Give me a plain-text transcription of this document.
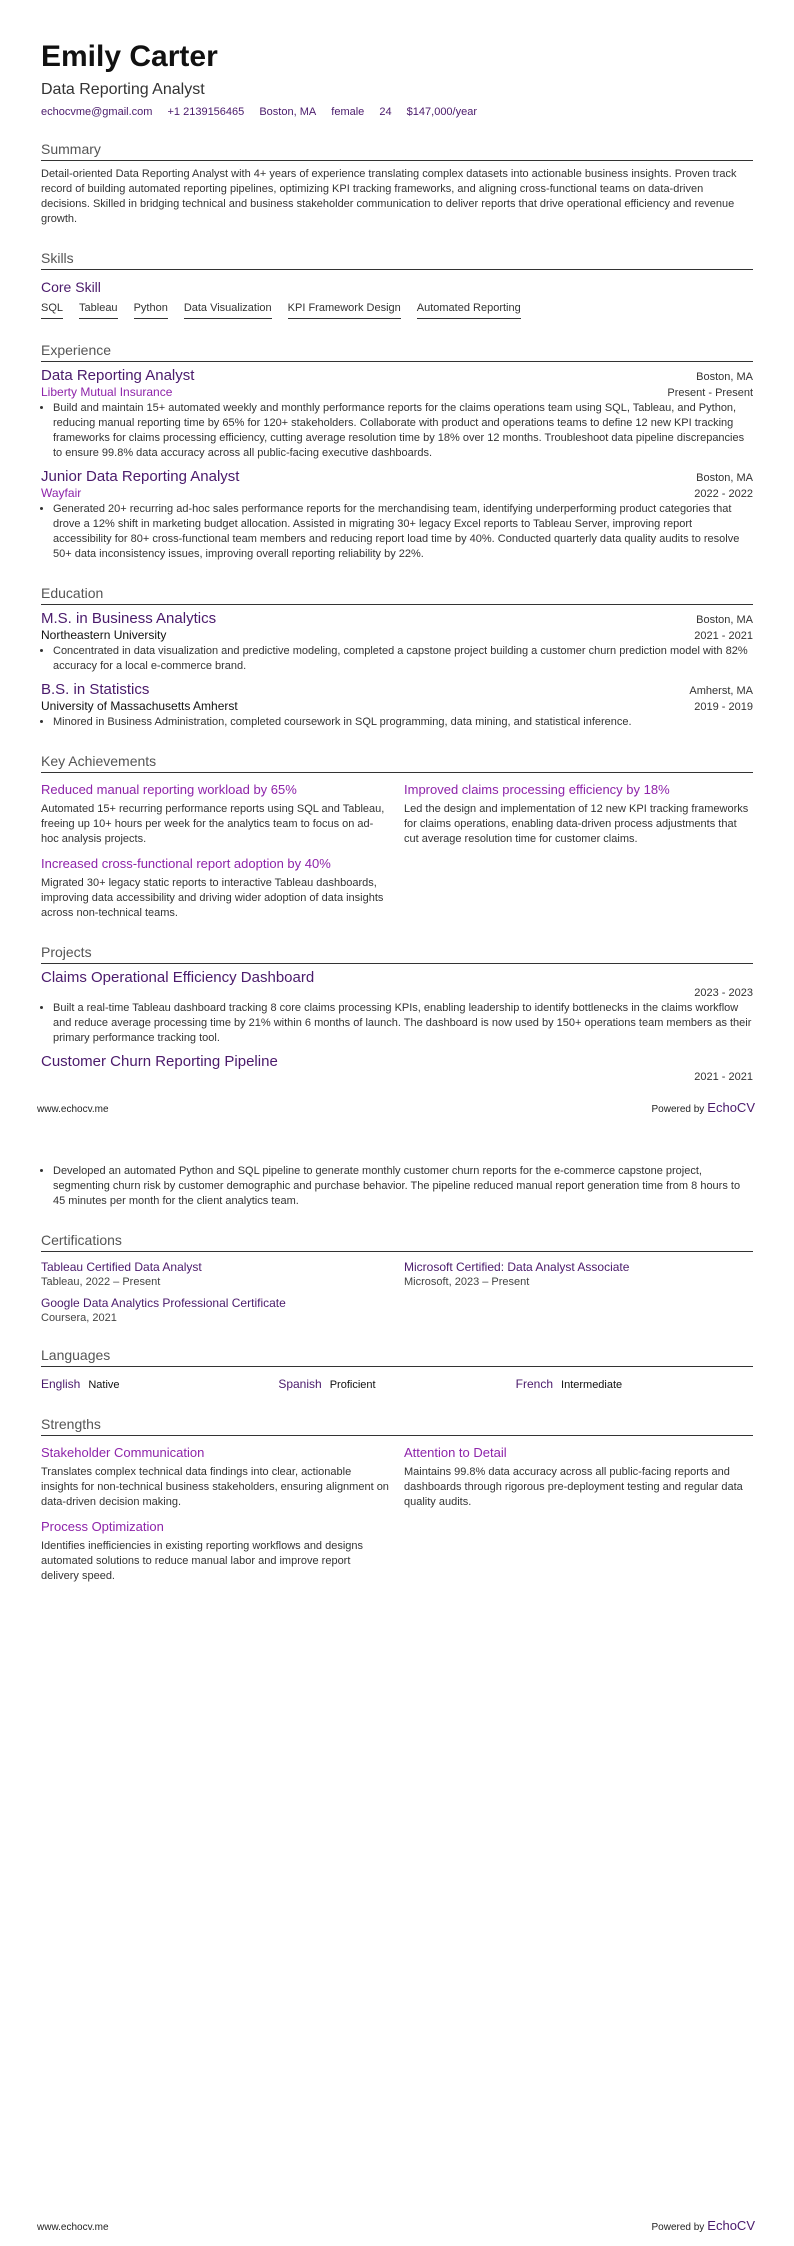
Emily Carter
Data Reporting Analyst
echocvme@gmail.com +1 2139156465 Boston, MA female 24 $147,000/year
Summary
Detail-oriented Data Reporting Analyst with 4+ years of experience translating complex datasets into actionable business insights. Proven track record of building automated reporting pipelines, optimizing KPI tracking frameworks, and aligning cross-functional teams on data-driven decisions. Skilled in bridging technical and business stakeholder communication to deliver reports that drive operational efficiency and revenue growth.
Skills
Core Skill
SQL Tableau Python Data Visualization KPI Framework Design Automated Reporting
Experience
Data Reporting Analyst	Boston, MA
Liberty Mutual Insurance	Present - Present
• Build and maintain 15+ automated weekly and monthly performance reports for the claims operations team using SQL, Tableau, and Python, reducing manual reporting time by 65% for 120+ stakeholders. Collaborate with product and operations teams to define 12 new KPI tracking frameworks for claims processing efficiency, cutting average resolution time by 18% over 12 months. Troubleshoot data pipeline discrepancies to ensure 99.8% data accuracy across all public-facing executive dashboards.
Junior Data Reporting Analyst	Boston, MA
Wayfair	2022 - 2022
• Generated 20+ recurring ad-hoc sales performance reports for the merchandising team, identifying underperforming product categories that drove a 12% shift in marketing budget allocation. Assisted in migrating 30+ legacy Excel reports to Tableau Server, improving report accessibility for 80+ cross-functional team members and reducing report load time by 40%. Conducted quarterly data quality audits to resolve 50+ data inconsistency issues, improving overall reporting reliability by 22%.
Education
M.S. in Business Analytics	Boston, MA
Northeastern University	2021 - 2021
• Concentrated in data visualization and predictive modeling, completed a capstone project building a customer churn prediction model with 82% accuracy for a local e-commerce brand.
B.S. in Statistics	Amherst, MA
University of Massachusetts Amherst	2019 - 2019
• Minored in Business Administration, completed coursework in SQL programming, data mining, and statistical inference.
Key Achievements
Reduced manual reporting workload by 65%
Automated 15+ recurring performance reports using SQL and Tableau, freeing up 10+ hours per week for the analytics team to focus on ad-hoc analysis projects.
Improved claims processing efficiency by 18%
Led the design and implementation of 12 new KPI tracking frameworks for claims operations, enabling data-driven process adjustments that cut average resolution time for customer claims.
Increased cross-functional report adoption by 40%
Migrated 30+ legacy static reports to interactive Tableau dashboards, improving data accessibility and driving wider adoption of data insights across non-technical teams.
Projects
Claims Operational Efficiency Dashboard
2023 - 2023
• Built a real-time Tableau dashboard tracking 8 core claims processing KPIs, enabling leadership to identify bottlenecks in the claims workflow and reduce average processing time by 21% within 6 months of launch. The dashboard is now used by 150+ operations team members as their primary performance tracking tool.
Customer Churn Reporting Pipeline
2021 - 2021
www.echocv.me	Powered by EchoCV
• Developed an automated Python and SQL pipeline to generate monthly customer churn reports for the e-commerce capstone project, segmenting churn risk by customer demographic and purchase behavior. The pipeline reduced manual report generation time from 8 hours to 45 minutes per month for the client analytics team.
Certifications
Tableau Certified Data Analyst
Tableau, 2022 – Present
Microsoft Certified: Data Analyst Associate
Microsoft, 2023 – Present
Google Data Analytics Professional Certificate
Coursera, 2021
Languages
English Native	Spanish Proficient	French Intermediate
Strengths
Stakeholder Communication
Translates complex technical data findings into clear, actionable insights for non-technical business stakeholders, ensuring alignment on data-driven decision making.
Attention to Detail
Maintains 99.8% data accuracy across all public-facing reports and dashboards through rigorous pre-deployment testing and regular data quality audits.
Process Optimization
Identifies inefficiencies in existing reporting workflows and designs automated solutions to reduce manual labor and improve report delivery speed.
www.echocv.me	Powered by EchoCV
